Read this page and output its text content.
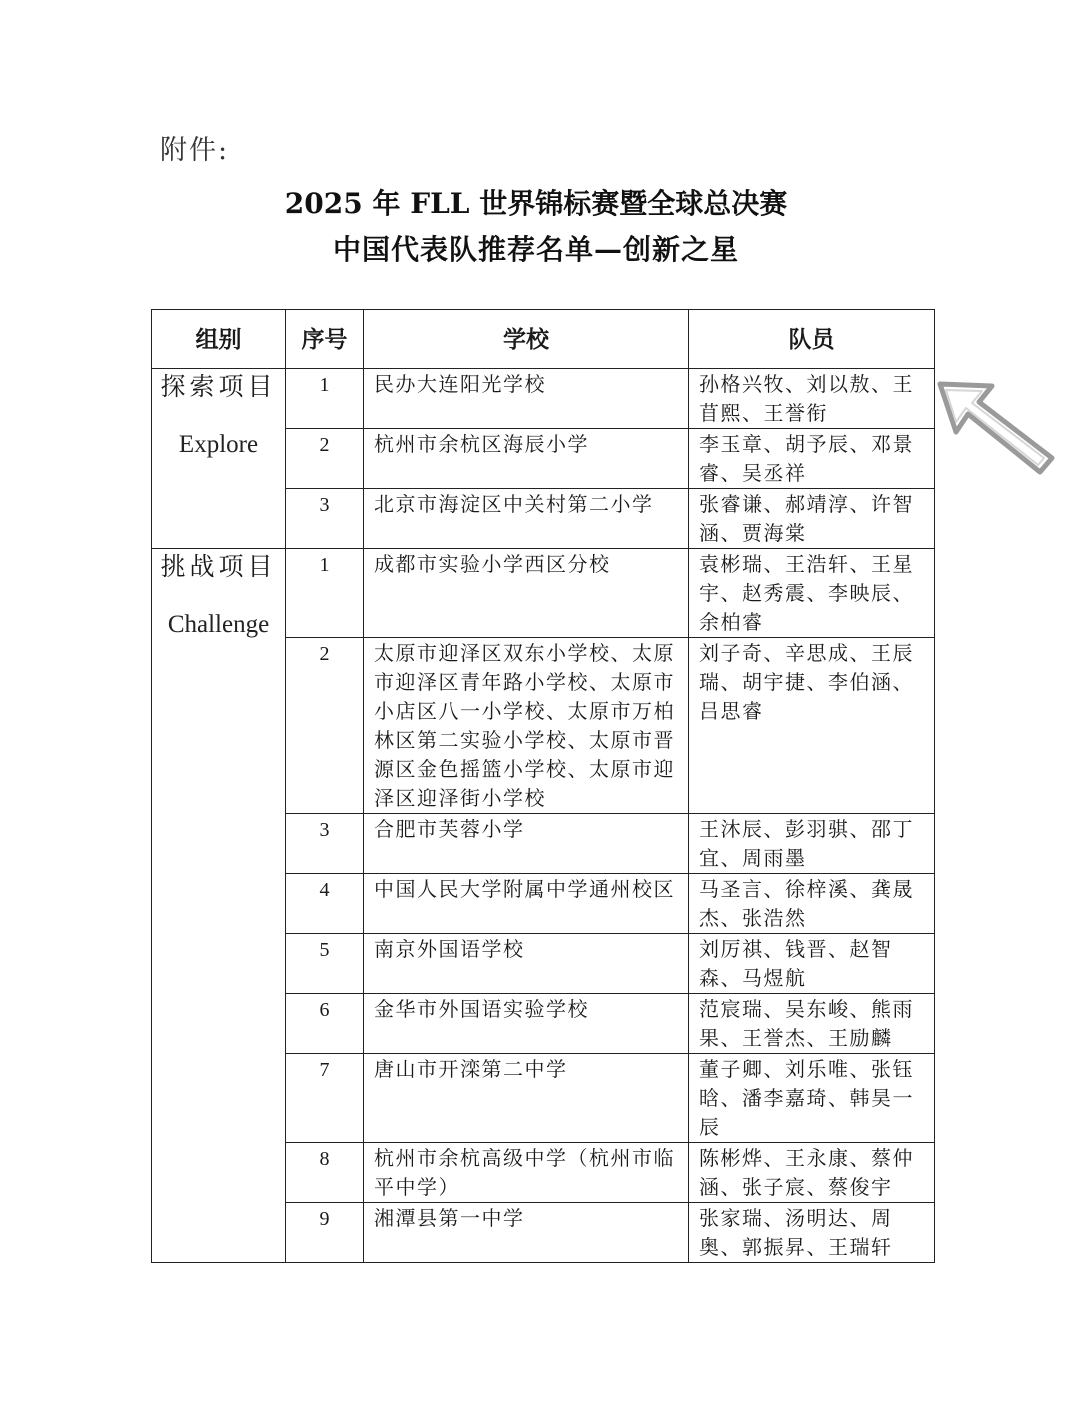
附件:
2025 年 FLL 世界锦标赛暨全球总决赛
中国代表队推荐名单—创新之星
组别	序号	学校	队员

探索项目
Explore	1	民办大连阳光学校	孙格兴牧、刘以敖、王苜熙、王誉衔
	2	杭州市余杭区海辰小学	李玉章、胡予辰、邓景睿、吴丞祥
	3	北京市海淀区中关村第二小学	张睿谦、郝靖淳、许智涵、贾海棠

挑战项目
Challenge	1	成都市实验小学西区分校	袁彬瑞、王浩轩、王星宇、赵秀震、李映辰、余柏睿
	2	太原市迎泽区双东小学校、太原市迎泽区青年路小学校、太原市小店区八一小学校、太原市万柏林区第二实验小学校、太原市晋源区金色摇篮小学校、太原市迎泽区迎泽街小学校	刘子奇、辛思成、王辰瑞、胡宇捷、李伯涵、吕思睿
	3	合肥市芙蓉小学	王沐辰、彭羽骐、邵丁宜、周雨墨
	4	中国人民大学附属中学通州校区	马圣言、徐梓溪、龚晟杰、张浩然
	5	南京外国语学校	刘厉祺、钱晋、赵智森、马煜航
	6	金华市外国语实验学校	范宸瑞、吴东峻、熊雨果、王誉杰、王励麟
	7	唐山市开滦第二中学	董子卿、刘乐唯、张钰晗、潘李嘉琦、韩昊一辰
	8	杭州市余杭高级中学（杭州市临平中学）	陈彬烨、王永康、蔡仲涵、张子宸、蔡俊宇
	9	湘潭县第一中学	张家瑞、汤明达、周奥、郭振昇、王瑞轩
